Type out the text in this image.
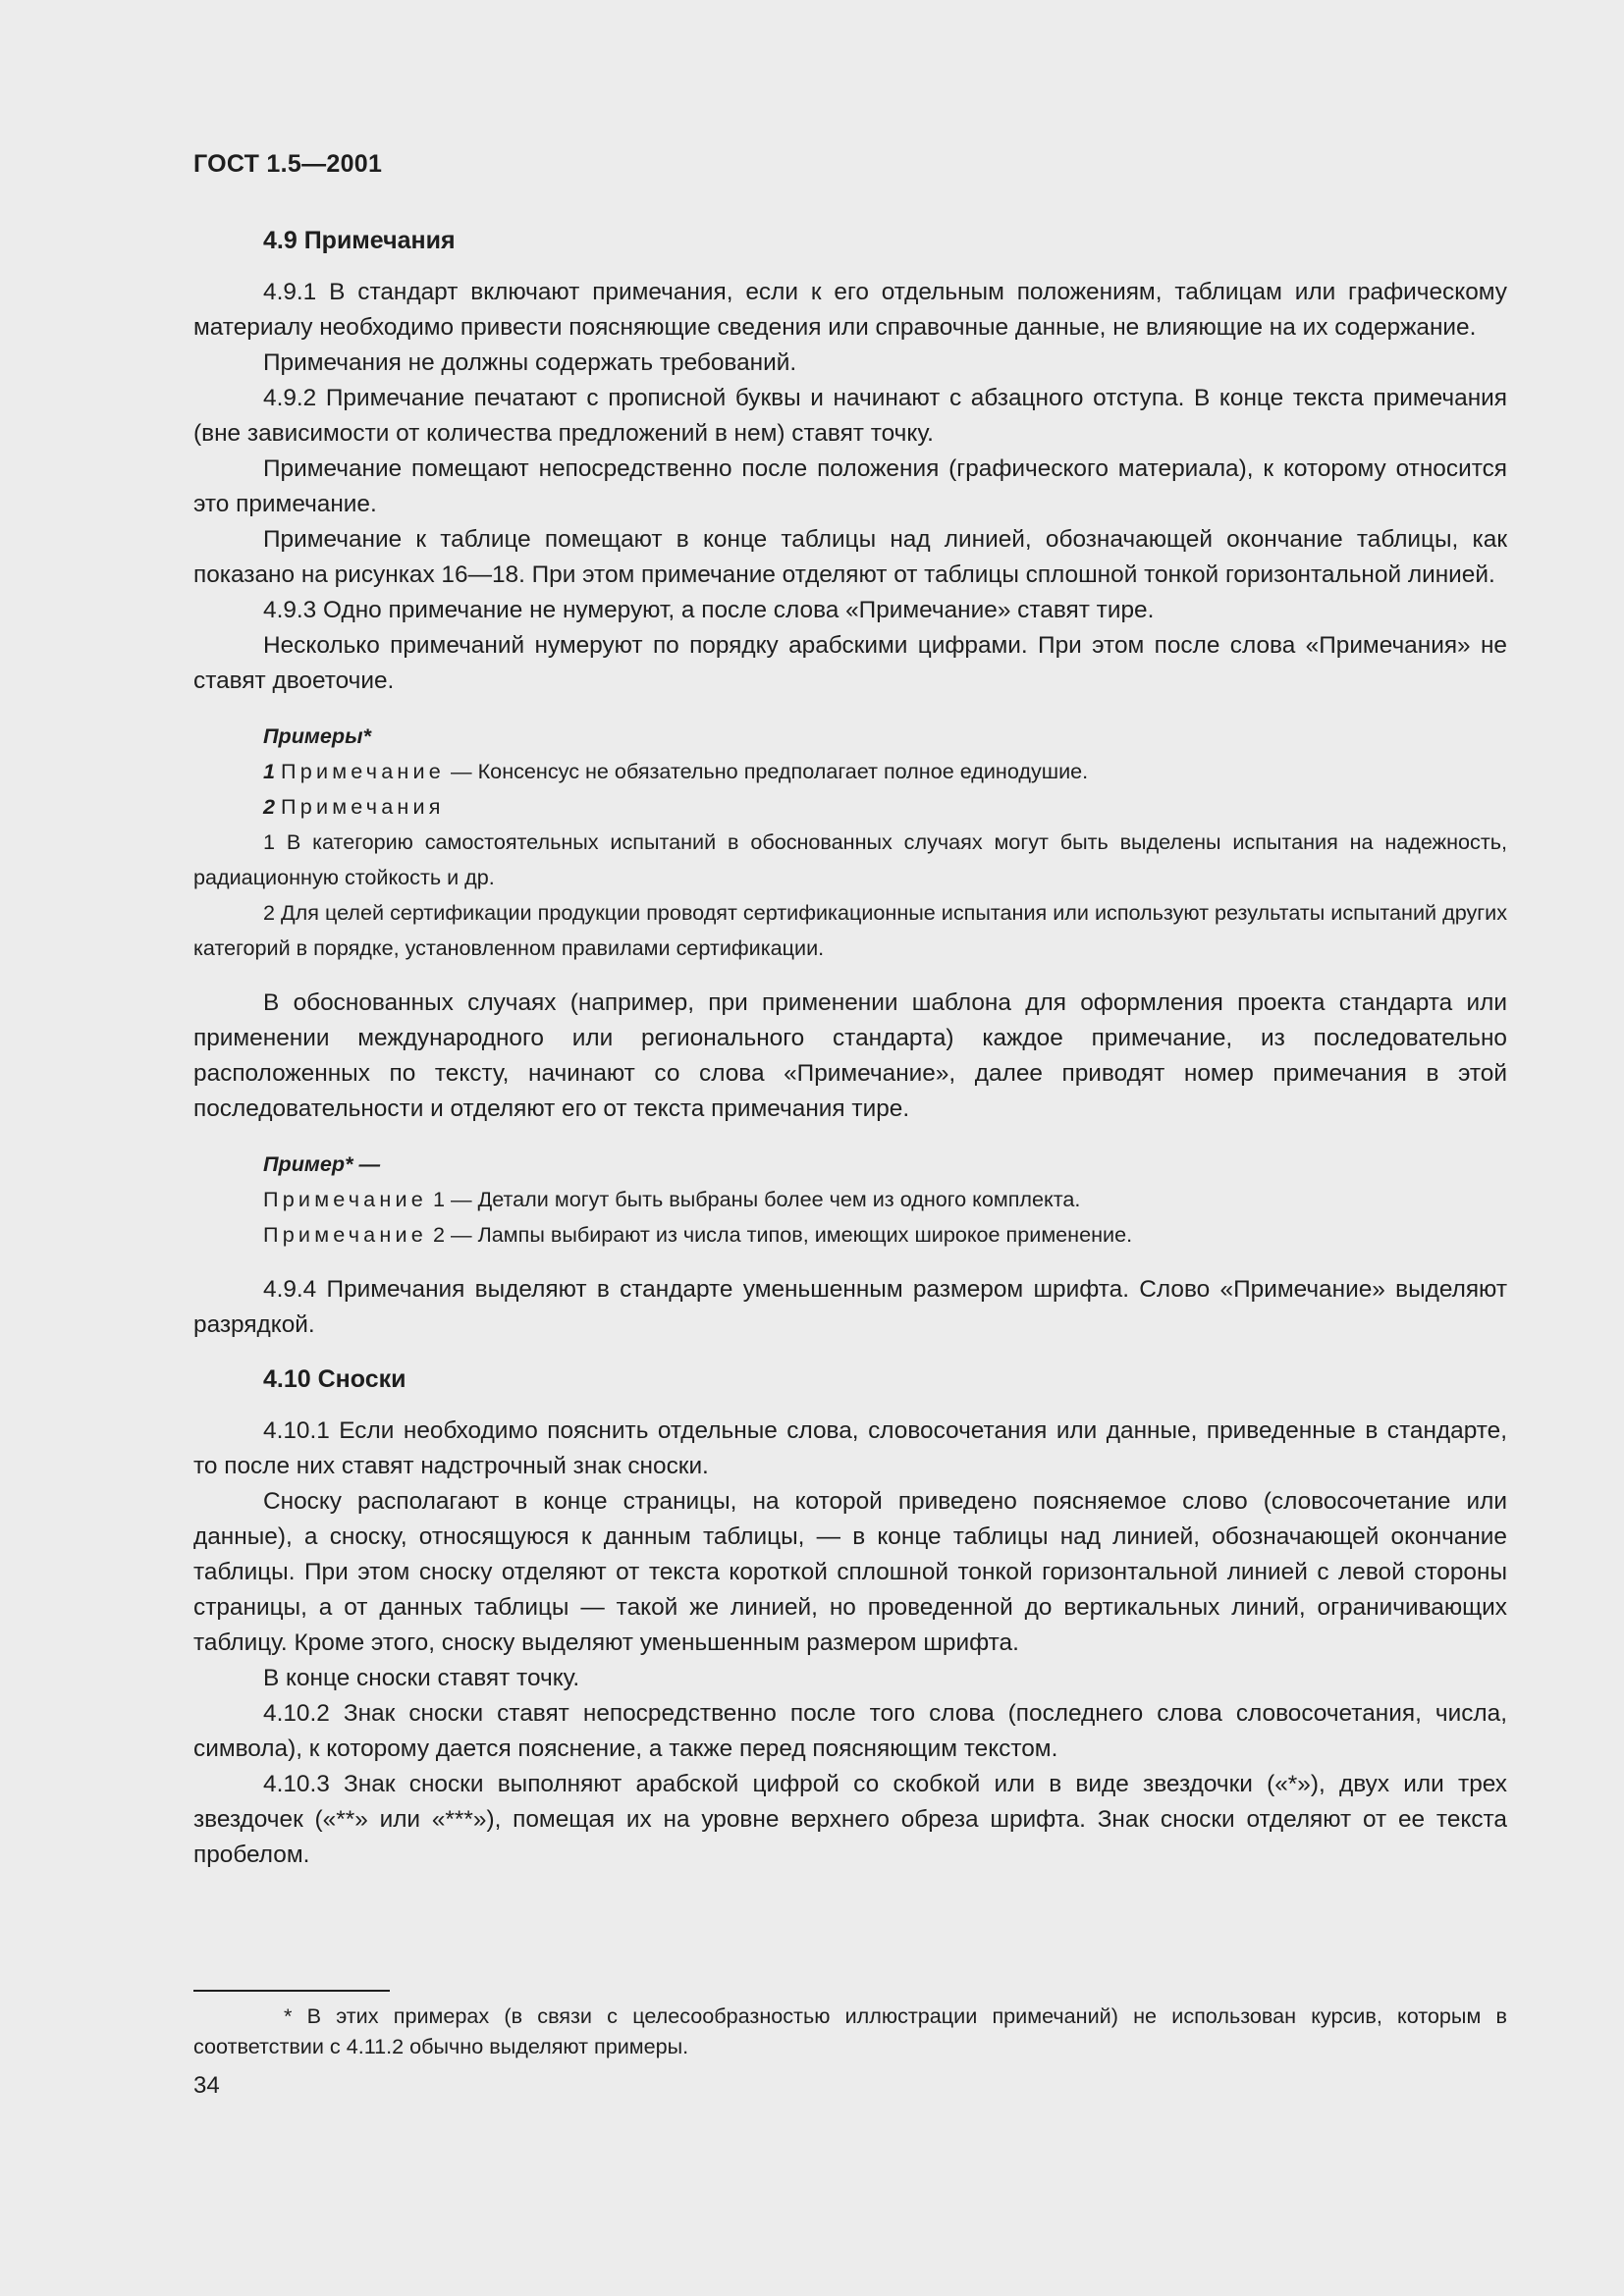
ГОСТ 1.5—2001
4.9 Примечания

4.9.1 В стандарт включают примечания, если к его отдельным положениям, таблицам или графическому материалу необходимо привести поясняющие сведения или справочные данные, не влияющие на их содержание.

Примечания не должны содержать требований.

4.9.2 Примечание печатают с прописной буквы и начинают с абзацного отступа. В конце текста примечания (вне зависимости от количества предложений в нем) ставят точку.

Примечание помещают непосредственно после положения (графического материала), к которому относится это примечание.

Примечание к таблице помещают в конце таблицы над линией, обозначающей окончание таблицы, как показано на рисунках 16—18. При этом примечание отделяют от таблицы сплошной тонкой горизонтальной линией.

4.9.3 Одно примечание не нумеруют, а после слова «Примечание» ставят тире.

Несколько примечаний нумеруют по порядку арабскими цифрами. При этом после слова «Примечания» не ставят двоеточие.

Примеры*
1 Примечание — Консенсус не обязательно предполагает полное единодушие.
2 Примечания

1 В категорию самостоятельных испытаний в обоснованных случаях могут быть выделены испытания на надежность, радиационную стойкость и др.

2 Для целей сертификации продукции проводят сертификационные испытания или используют результаты испытаний других категорий в порядке, установленном правилами сертификации.

В обоснованных случаях (например, при применении шаблона для оформления проекта стандарта или применении международного или регионального стандарта) каждое примечание, из последовательно расположенных по тексту, начинают со слова «Примечание», далее приводят номер примечания в этой последовательности и отделяют его от текста примечания тире.

Пример* —
Примечание 1 — Детали могут быть выбраны более чем из одного комплекта.
Примечание 2 — Лампы выбирают из числа типов, имеющих широкое применение.

4.9.4 Примечания выделяют в стандарте уменьшенным размером шрифта. Слово «Примечание» выделяют разрядкой.

4.10 Сноски

4.10.1 Если необходимо пояснить отдельные слова, словосочетания или данные, приведенные в стандарте, то после них ставят надстрочный знак сноски.

Сноску располагают в конце страницы, на которой приведено поясняемое слово (словосочетание или данные), а сноску, относящуюся к данным таблицы, — в конце таблицы над линией, обозначающей окончание таблицы. При этом сноску отделяют от текста короткой сплошной тонкой горизонтальной линией с левой стороны страницы, а от данных таблицы — такой же линией, но проведенной до вертикальных линий, ограничивающих таблицу. Кроме этого, сноску выделяют уменьшенным размером шрифта.

В конце сноски ставят точку.

4.10.2 Знак сноски ставят непосредственно после того слова (последнего слова словосочетания, числа, символа), к которому дается пояснение, а также перед поясняющим текстом.

4.10.3 Знак сноски выполняют арабской цифрой со скобкой или в виде звездочки («*»), двух или трех звездочек («**» или «***»), помещая их на уровне верхнего обреза шрифта. Знак сноски отделяют от ее текста пробелом.

* В этих примерах (в связи с целесообразностью иллюстрации примечаний) не использован курсив, которым в соответствии с 4.11.2 обычно выделяют примеры.

34
